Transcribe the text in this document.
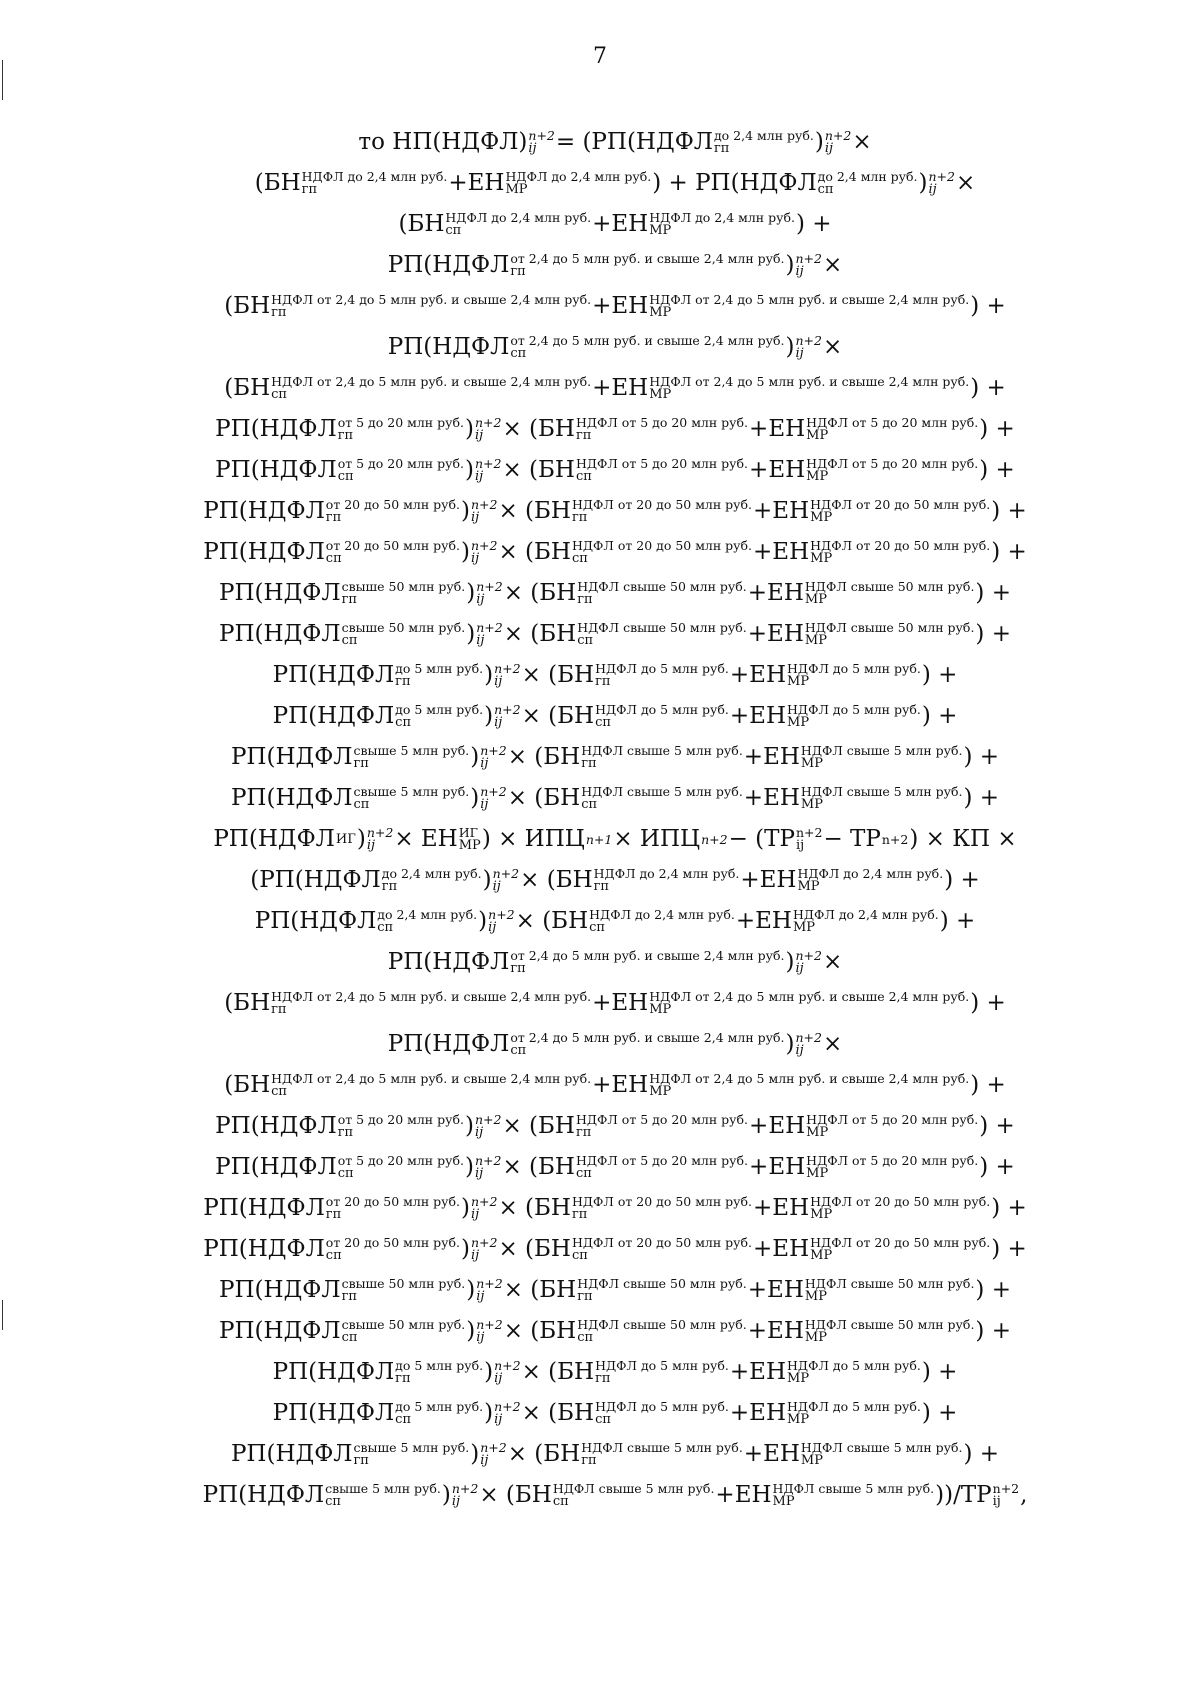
7
то НП(НДФЛ) n+2
ij = (РП(НДФЛ до 2,4 млн руб.
гп	) n+2
ij ×
(БН НДФЛ до 2,4 млн руб.
гп	+ЕН НДФЛ до 2,4 млн руб.
МР	) + РП(НДФЛ до 2,4 млн руб.
сп	) n+2
ij ×
(БН НДФЛ до 2,4 млн руб.
сп	+ЕН НДФЛ до 2,4 млн руб.
МР	) +
РП(НДФЛ от 2,4 до 5 млн руб. и свыше 2,4 млн руб.
гп	) n+2
ij ×
(БН НДФЛ от 2,4 до 5 млн руб. и свыше 2,4 млн руб.
гп	+ЕН НДФЛ от 2,4 до 5 млн руб. и свыше 2,4 млн руб.
МР	) +
РП(НДФЛ от 2,4 до 5 млн руб. и свыше 2,4 млн руб.
сп	) n+2
ij ×
(БН НДФЛ от 2,4 до 5 млн руб. и свыше 2,4 млн руб.
сп	+ЕН НДФЛ от 2,4 до 5 млн руб. и свыше 2,4 млн руб.
МР	) +
РП(НДФЛ от 5 до 20 млн руб.
гп	) n+2
ij × (БН НДФЛ от 5 до 20 млн руб.
гп	+ЕН НДФЛ от 5 до 20 млн руб.
МР	) +
РП(НДФЛ от 5 до 20 млн руб.
сп	) n+2
ij × (БН НДФЛ от 5 до 20 млн руб.
сп	+ЕН НДФЛ от 5 до 20 млн руб.
МР	) +
РП(НДФЛ от 20 до 50 млн руб.
гп	) n+2
ij × (БН НДФЛ от 20 до 50 млн руб.
гп	+ЕН НДФЛ от 20 до 50 млн руб.
МР	) +
РП(НДФЛ от 20 до 50 млн руб.
сп	) n+2
ij × (БН НДФЛ от 20 до 50 млн руб.
сп	+ЕН НДФЛ от 20 до 50 млн руб.
МР	) +
РП(НДФЛ свыше 50 млн руб.
гп	) n+2
ij × (БН НДФЛ свыше 50 млн руб.
гп	+ЕН НДФЛ свыше 50 млн руб.
МР	) +
РП(НДФЛ свыше 50 млн руб.
сп	) n+2
ij × (БН НДФЛ свыше 50 млн руб.
сп	+ЕН НДФЛ свыше 50 млн руб.
МР	) +
РП(НДФЛ до 5 млн руб.
гп	) n+2
ij × (БН НДФЛ до 5 млн руб.
гп	+ЕН НДФЛ до 5 млн руб.
МР	) +
РП(НДФЛ до 5 млн руб.
сп	) n+2
ij × (БН НДФЛ до 5 млн руб.
сп	+ЕН НДФЛ до 5 млн руб.
МР	) +
РП(НДФЛ свыше 5 млн руб.
гп	) n+2
ij × (БН НДФЛ свыше 5 млн руб.
гп	+ЕН НДФЛ свыше 5 млн руб.
МР	) +
РП(НДФЛ свыше 5 млн руб.
сп	) n+2
ij × (БН НДФЛ свыше 5 млн руб.
сп	+ЕН НДФЛ свыше 5 млн руб.
МР	) +
РП(НДФЛ ИГ ) n+2
ij × ЕН ИГ
МР ) × ИПЦ n+1 × ИПЦ n+2 − (ТР n+2
ij − ТР n+2 ) × КП ×
(РП(НДФЛ до 2,4 млн руб.
гп	) n+2
ij × (БН НДФЛ до 2,4 млн руб.
гп	+ЕН НДФЛ до 2,4 млн руб.
МР	) +
РП(НДФЛ до 2,4 млн руб.
сп	) n+2
ij × (БН НДФЛ до 2,4 млн руб.
сп	+ЕН НДФЛ до 2,4 млн руб.
МР	) +
РП(НДФЛ от 2,4 до 5 млн руб. и свыше 2,4 млн руб.
гп	) n+2
ij ×
(БН НДФЛ от 2,4 до 5 млн руб. и свыше 2,4 млн руб.
гп	+ЕН НДФЛ от 2,4 до 5 млн руб. и свыше 2,4 млн руб.
МР	) +
РП(НДФЛ от 2,4 до 5 млн руб. и свыше 2,4 млн руб.
сп	) n+2
ij ×
(БН НДФЛ от 2,4 до 5 млн руб. и свыше 2,4 млн руб.
сп	+ЕН НДФЛ от 2,4 до 5 млн руб. и свыше 2,4 млн руб.
МР	) +
РП(НДФЛ от 5 до 20 млн руб.
гп	) n+2
ij × (БН НДФЛ от 5 до 20 млн руб.
гп	+ЕН НДФЛ от 5 до 20 млн руб.
МР	) +
РП(НДФЛ от 5 до 20 млн руб.
сп	) n+2
ij × (БН НДФЛ от 5 до 20 млн руб.
сп	+ЕН НДФЛ от 5 до 20 млн руб.
МР	) +
РП(НДФЛ от 20 до 50 млн руб.
гп	) n+2
ij × (БН НДФЛ от 20 до 50 млн руб.
гп	+ЕН НДФЛ от 20 до 50 млн руб.
МР	) +
РП(НДФЛ от 20 до 50 млн руб.
сп	) n+2
ij × (БН НДФЛ от 20 до 50 млн руб.
сп	+ЕН НДФЛ от 20 до 50 млн руб.
МР	) +
РП(НДФЛ свыше 50 млн руб.
гп	) n+2
ij × (БН НДФЛ свыше 50 млн руб.
гп	+ЕН НДФЛ свыше 50 млн руб.
МР	) +
РП(НДФЛ свыше 50 млн руб.
сп	) n+2
ij × (БН НДФЛ свыше 50 млн руб.
сп	+ЕН НДФЛ свыше 50 млн руб.
МР	) +
РП(НДФЛ до 5 млн руб.
гп	) n+2
ij × (БН НДФЛ до 5 млн руб.
гп	+ЕН НДФЛ до 5 млн руб.
МР	) +
РП(НДФЛ до 5 млн руб.
сп	) n+2
ij × (БН НДФЛ до 5 млн руб.
сп	+ЕН НДФЛ до 5 млн руб.
МР	) +
РП(НДФЛ свыше 5 млн руб.
гп	) n+2
ij × (БН НДФЛ свыше 5 млн руб.
гп	+ЕН НДФЛ свыше 5 млн руб.
МР	) +
РП(НДФЛ свыше 5 млн руб.
сп	) n+2
ij × (БН НДФЛ свыше 5 млн руб.
сп	+ЕН НДФЛ свыше 5 млн руб.
МР	))/ТР n+2
ij ,
